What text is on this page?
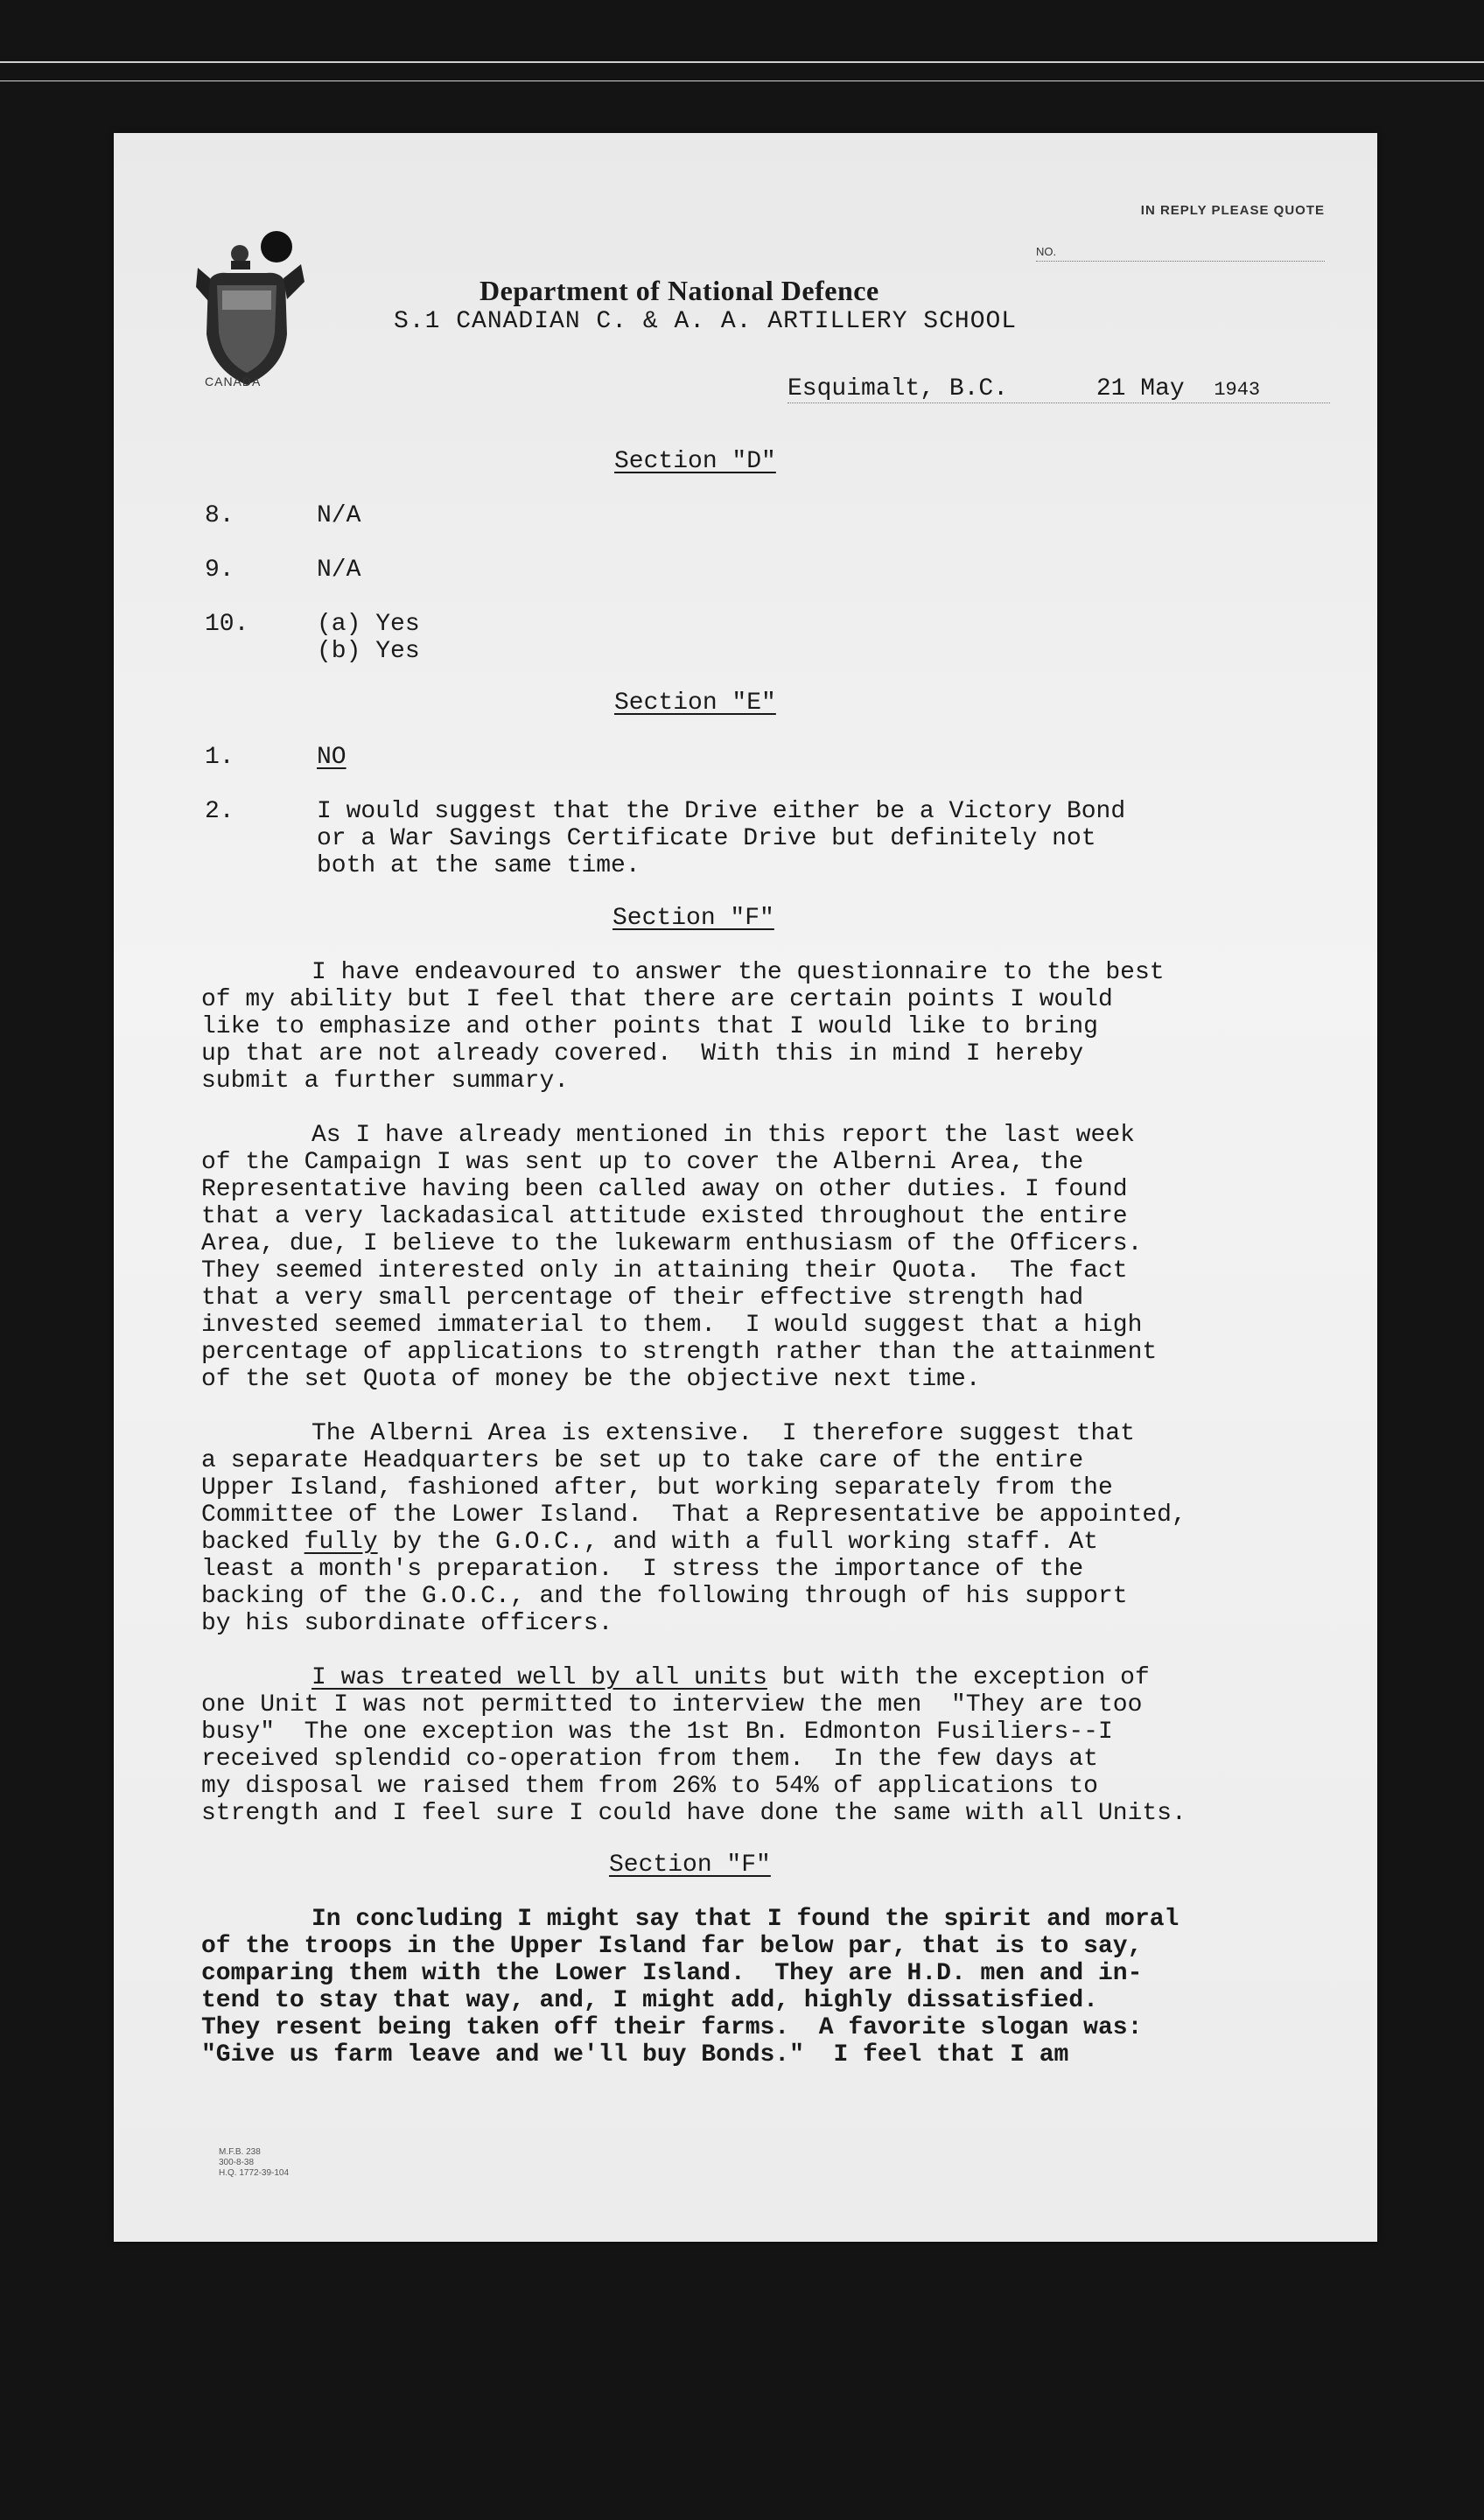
IN REPLY PLEASE QUOTE
NO.
CANADA
Department of National Defence
S.1 CANADIAN C. & A. A. ARTILLERY SCHOOL
Esquimalt, B.C.	21 May 1943
Section "D"
8.	N/A
9.	N/A
10.	(a) Yes
(b) Yes
Section "E"
1.	NO
2.	I would suggest that the Drive either be a Victory Bond
or a War Savings Certificate Drive but definitely not
both at the same time.
Section "F"
I have endeavoured to answer the questionnaire to the best
of my ability but I feel that there are certain points I would
like to emphasize and other points that I would like to bring
up that are not already covered.  With this in mind I hereby
submit a further summary.
As I have already mentioned in this report the last week
of the Campaign I was sent up to cover the Alberni Area, the
Representative having been called away on other duties. I found
that a very lackadasical attitude existed throughout the entire
Area, due, I believe to the lukewarm enthusiasm of the Officers.
They seemed interested only in attaining their Quota.  The fact
that a very small percentage of their effective strength had
invested seemed immaterial to them.  I would suggest that a high
percentage of applications to strength rather than the attainment
of the set Quota of money be the objective next time.
The Alberni Area is extensive.  I therefore suggest that
a separate Headquarters be set up to take care of the entire
Upper Island, fashioned after, but working separately from the
Committee of the Lower Island.  That a Representative be appointed,
backed fully by the G.O.C., and with a full working staff. At
least a month's preparation.  I stress the importance of the
backing of the G.O.C., and the following through of his support
by his subordinate officers.
I was treated well by all units but with the exception of
one Unit I was not permitted to interview the men  "They are too
busy"  The one exception was the 1st Bn. Edmonton Fusiliers--I
received splendid co-operation from them.  In the few days at
my disposal we raised them from 26% to 54% of applications to
strength and I feel sure I could have done the same with all Units.
Section "F"
In concluding I might say that I found the spirit and moral
of the troops in the Upper Island far below par, that is to say,
comparing them with the Lower Island.  They are H.D. men and in-
tend to stay that way, and, I might add, highly dissatisfied.
They resent being taken off their farms.  A favorite slogan was:
"Give us farm leave and we'll buy Bonds."  I feel that I am
M.F.B. 238
300-8-38
H.Q. 1772-39-104
